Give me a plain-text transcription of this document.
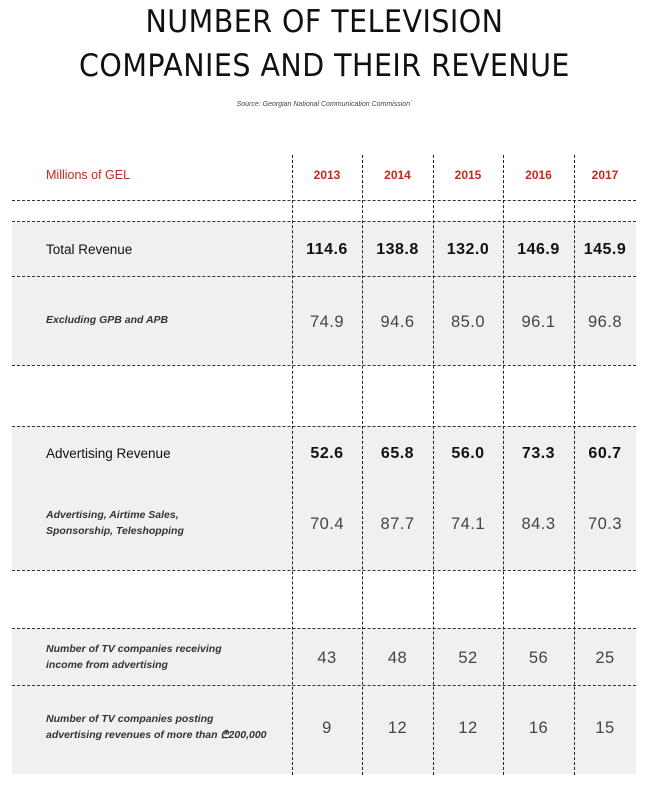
NUMBER OF TELEVISION
COMPANIES AND THEIR REVENUE
Source: Georgian National Communication Commission`
Millions of GEL	2013	2014	2015	2016	2017
Total Revenue	114.6	138.8	132.0	146.9	145.9
Excluding GPB and APB	74.9	94.6	85.0	96.1	96.8
Advertising Revenue	52.6	65.8	56.0	73.3	60.7
Advertising, Airtime Sales,
Sponsorship, Teleshopping	70.4	87.7	74.1	84.3	70.3
Number of TV companies receiving
income from advertising	43	48	52	56	25
Number of TV companies posting
advertising revenues of more than ₾200,000	9	12	12	16	15
